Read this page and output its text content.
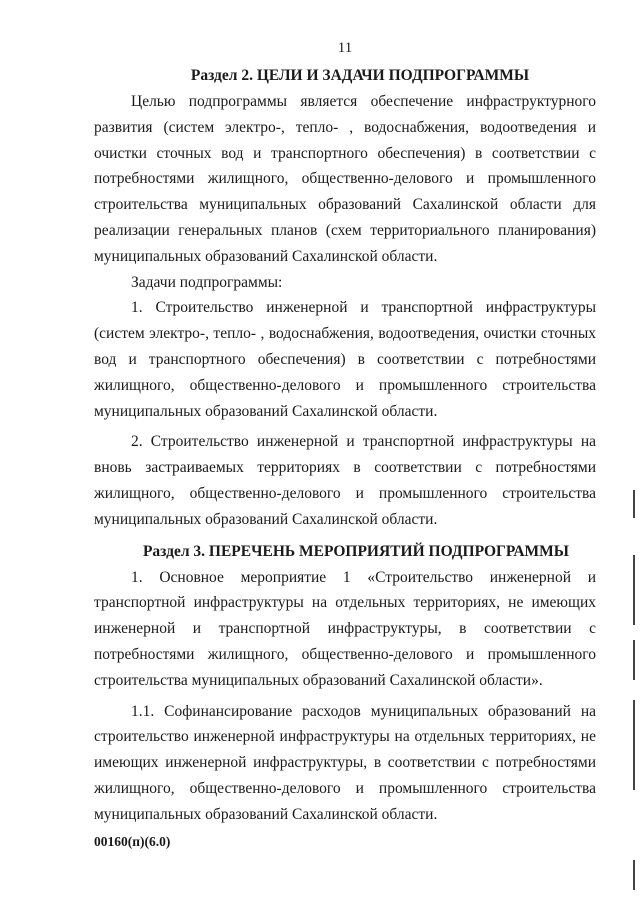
11

Раздел 2. ЦЕЛИ И ЗАДАЧИ ПОДПРОГРАММЫ

Целью подпрограммы является обеспечение инфраструктурного развития (систем электро-, тепло- , водоснабжения, водоотведения и очистки сточных вод и транспортного обеспечения) в соответствии с потребностями жилищного, общественно-делового и промышленного строительства муниципальных образований Сахалинской области для реализации генеральных планов (схем территориального планирования) муниципальных образований Сахалинской области.

Задачи подпрограммы:

1. Строительство инженерной и транспортной инфраструктуры (систем электро-, тепло- , водоснабжения, водоотведения, очистки сточных вод и транспортного обеспечения) в соответствии с потребностями жилищного, общественно-делового и промышленного строительства муниципальных образований Сахалинской области.

2. Строительство инженерной и транспортной инфраструктуры на вновь застраиваемых территориях в соответствии с потребностями жилищного, общественно-делового и промышленного строительства муниципальных образований Сахалинской области.

Раздел 3. ПЕРЕЧЕНЬ МЕРОПРИЯТИЙ ПОДПРОГРАММЫ

1. Основное мероприятие 1 «Строительство инженерной и транспортной инфраструктуры на отдельных территориях, не имеющих инженерной и транспортной инфраструктуры, в соответствии с потребностями жилищного, общественно-делового и промышленного строительства муниципальных образований Сахалинской области».

1.1. Софинансирование расходов муниципальных образований на строительство инженерной инфраструктуры на отдельных территориях, не имеющих инженерной инфраструктуры, в соответствии с потребностями жилищного, общественно-делового и промышленного строительства муниципальных образований Сахалинской области.

00160(п)(6.0)
